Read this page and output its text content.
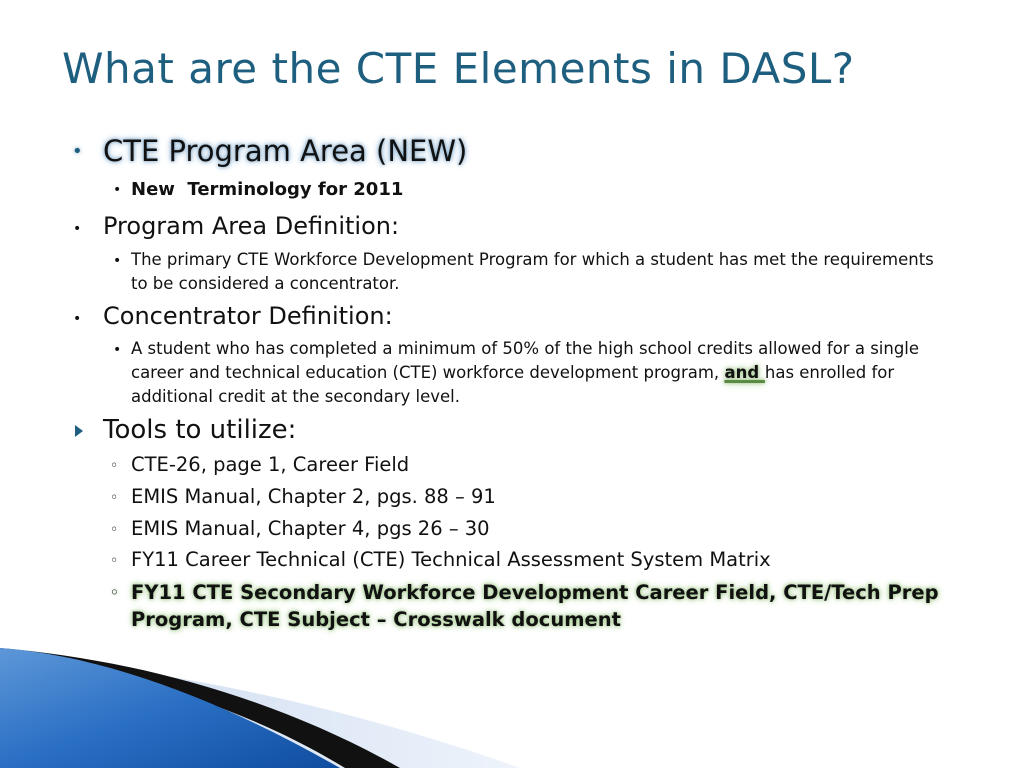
What are the CTE Elements in DASL?
• CTE Program Area (NEW)
• New  Terminology for 2011
• Program Area Definition:
• The primary CTE Workforce Development Program for which a student has met the requirements to be considered a concentrator.
• Concentrator Definition:
• A student who has completed a minimum of 50% of the high school credits allowed for a single career and technical education (CTE) workforce development program, and has enrolled for additional credit at the secondary level.
Tools to utilize:
◦ CTE-26, page 1, Career Field
◦ EMIS Manual, Chapter 2, pgs. 88 – 91
◦ EMIS Manual, Chapter 4, pgs 26 – 30
◦ FY11 Career Technical (CTE) Technical Assessment System Matrix
◦ FY11 CTE Secondary Workforce Development Career Field, CTE/Tech Prep Program, CTE Subject – Crosswalk document
